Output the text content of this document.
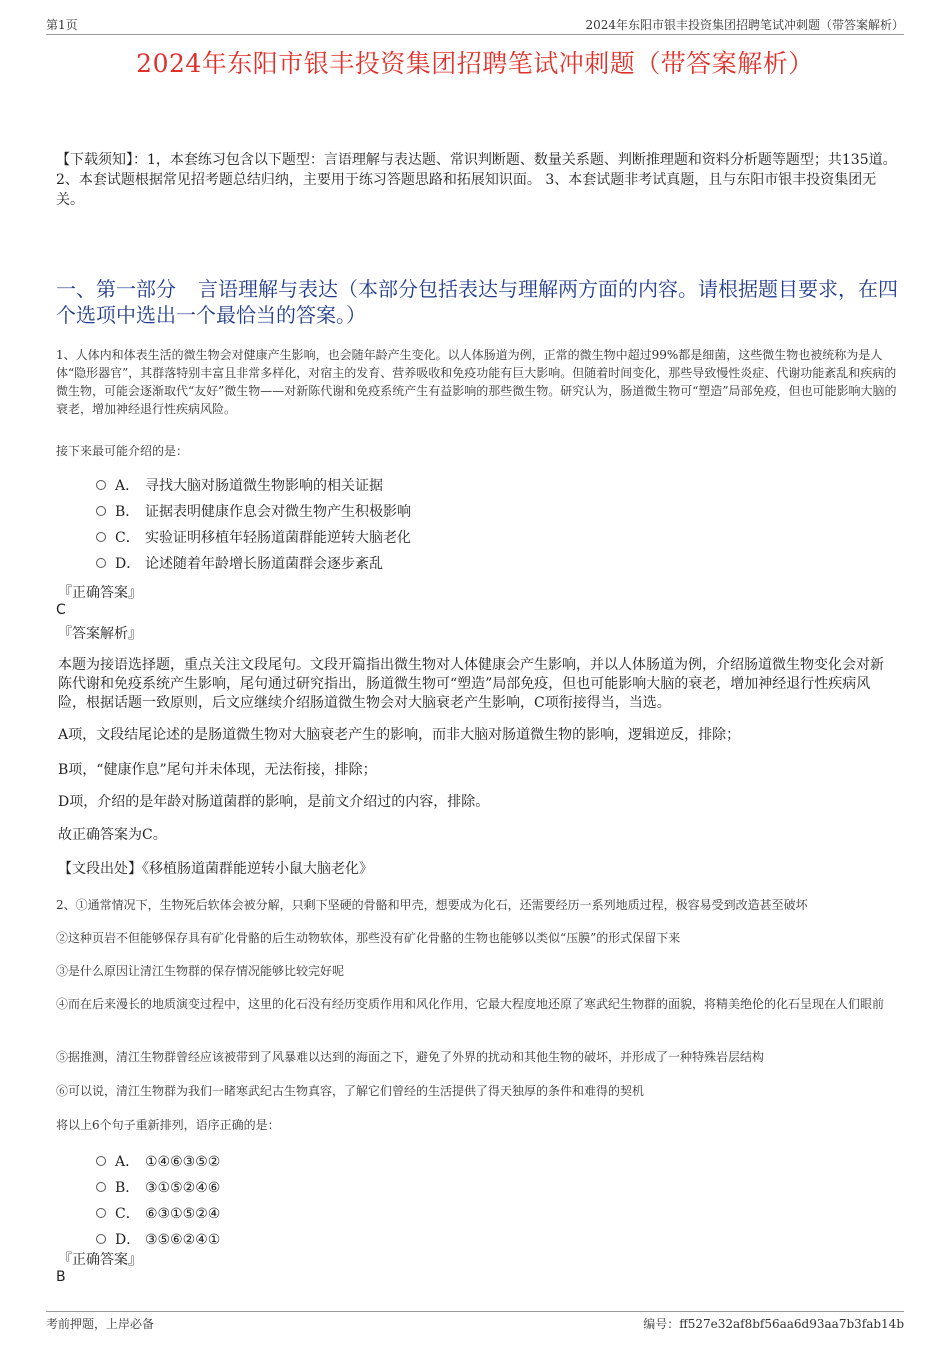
第1页	2024年东阳市银丰投资集团招聘笔试冲刺题（带答案解析）
2024年东阳市银丰投资集团招聘笔试冲刺题（带答案解析）
【下载须知】：1，本套练习包含以下题型：言语理解与表达题、常识判断题、数量关系题、判断推理题和资料分析题等题型；共135道。 2、本套试题根据常见招考题总结归纳，主要用于练习答题思路和拓展知识面。 3、本套试题非考试真题，且与东阳市银丰投资集团无关。
一、第一部分 言语理解与表达（本部分包括表达与理解两方面的内容。请根据题目要求，在四个选项中选出一个最恰当的答案。）
1、人体内和体表生活的微生物会对健康产生影响，也会随年龄产生变化。以人体肠道为例，正常的微生物中超过99%都是细菌，这些微生物也被统称为是人体“隐形器官”，其群落特别丰富且非常多样化，对宿主的发育、营养吸收和免疫功能有巨大影响。但随着时间变化，那些导致慢性炎症、代谢功能紊乱和疾病的微生物，可能会逐渐取代“友好”微生物——对新陈代谢和免疫系统产生有益影响的那些微生物。研究认为，肠道微生物可“塑造”局部免疫，但也可能影响大脑的衰老，增加神经退行性疾病风险。
接下来最可能介绍的是：
A． 寻找大脑对肠道微生物影响的相关证据
B． 证据表明健康作息会对微生物产生积极影响
C． 实验证明移植年轻肠道菌群能逆转大脑老化
D． 论述随着年龄增长肠道菌群会逐步紊乱
『正确答案』
C
『答案解析』
本题为接语选择题，重点关注文段尾句。文段开篇指出微生物对人体健康会产生影响，并以人体肠道为例，介绍肠道微生物变化会对新陈代谢和免疫系统产生影响，尾句通过研究指出，肠道微生物可“塑造”局部免疫，但也可能影响大脑的衰老，增加神经退行性疾病风险，根据话题一致原则，后文应继续介绍肠道微生物会对大脑衰老产生影响，C项衔接得当，当选。
A项，文段结尾论述的是肠道微生物对大脑衰老产生的影响，而非大脑对肠道微生物的影响，逻辑逆反，排除；
B项，“健康作息”尾句并未体现，无法衔接，排除；
D项，介绍的是年龄对肠道菌群的影响，是前文介绍过的内容，排除。
故正确答案为C。
【文段出处】《移植肠道菌群能逆转小鼠大脑老化》
2、①通常情况下，生物死后软体会被分解，只剩下坚硬的骨骼和甲壳，想要成为化石，还需要经历一系列地质过程，极容易受到改造甚至破坏
②这种页岩不但能够保存具有矿化骨骼的后生动物软体，那些没有矿化骨骼的生物也能够以类似“压膜”的形式保留下来
③是什么原因让清江生物群的保存情况能够比较完好呢
④而在后来漫长的地质演变过程中，这里的化石没有经历变质作用和风化作用，它最大程度地还原了寒武纪生物群的面貌，将精美绝伦的化石呈现在人们眼前
⑤据推测，清江生物群曾经应该被带到了风暴难以达到的海面之下，避免了外界的扰动和其他生物的破坏，并形成了一种特殊岩层结构
⑥可以说，清江生物群为我们一睹寒武纪古生物真容，了解它们曾经的生活提供了得天独厚的条件和难得的契机
将以上6个句子重新排列，语序正确的是：
A． ①④⑥③⑤②
B． ③①⑤②④⑥
C． ⑥③①⑤②④
D． ③⑤⑥②④①
『正确答案』
B
考前押题，上岸必备	编号：ff527e32af8bf56aa6d93aa7b3fab14b
